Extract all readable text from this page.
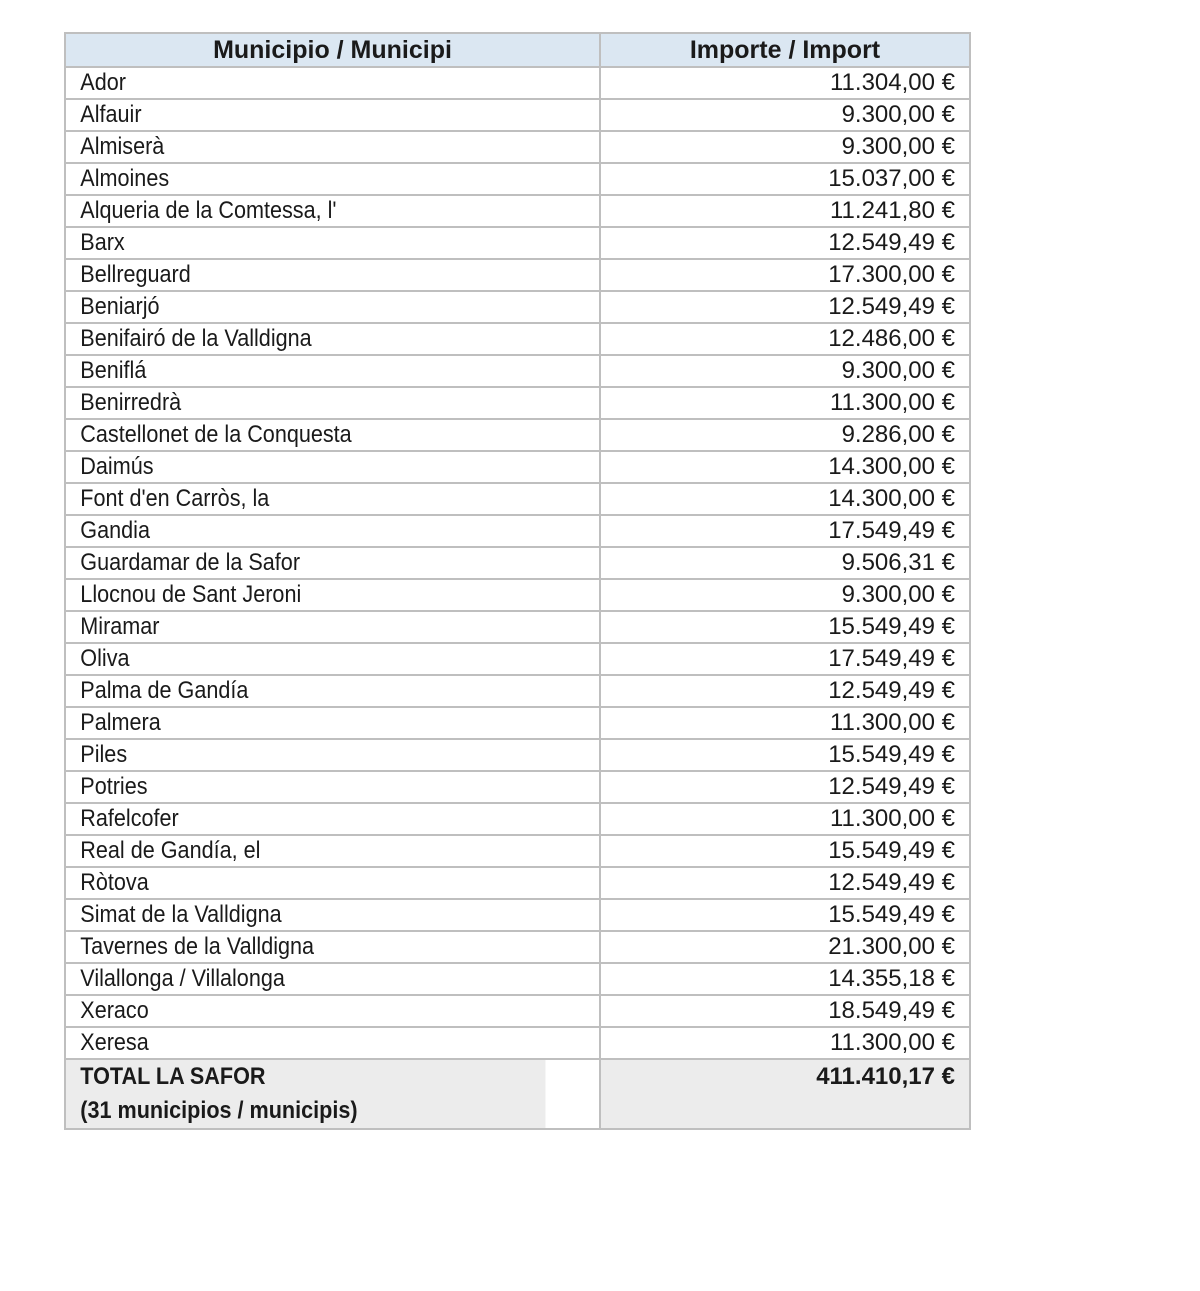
Municipio / Municipi	Importe / Import
Ador	11.304,00 €
Alfauir	9.300,00 €
Almiserà	9.300,00 €
Almoines	15.037,00 €
Alqueria de la Comtessa, l'	11.241,80 €
Barx	12.549,49 €
Bellreguard	17.300,00 €
Beniarjó	12.549,49 €
Benifairó de la Valldigna	12.486,00 €
Beniflá	9.300,00 €
Benirredrà	11.300,00 €
Castellonet de la Conquesta	9.286,00 €
Daimús	14.300,00 €
Font d'en Carròs, la	14.300,00 €
Gandia	17.549,49 €
Guardamar de la Safor	9.506,31 €
Llocnou de Sant Jeroni	9.300,00 €
Miramar	15.549,49 €
Oliva	17.549,49 €
Palma de Gandía	12.549,49 €
Palmera	11.300,00 €
Piles	15.549,49 €
Potries	12.549,49 €
Rafelcofer	11.300,00 €
Real de Gandía, el	15.549,49 €
Ròtova	12.549,49 €
Simat de la Valldigna	15.549,49 €
Tavernes de la Valldigna	21.300,00 €
Vilallonga / Villalonga	14.355,18 €
Xeraco	18.549,49 €
Xeresa	11.300,00 €

TOTAL LA SAFOR
(31 municipios / municipis)	411.410,17 €
